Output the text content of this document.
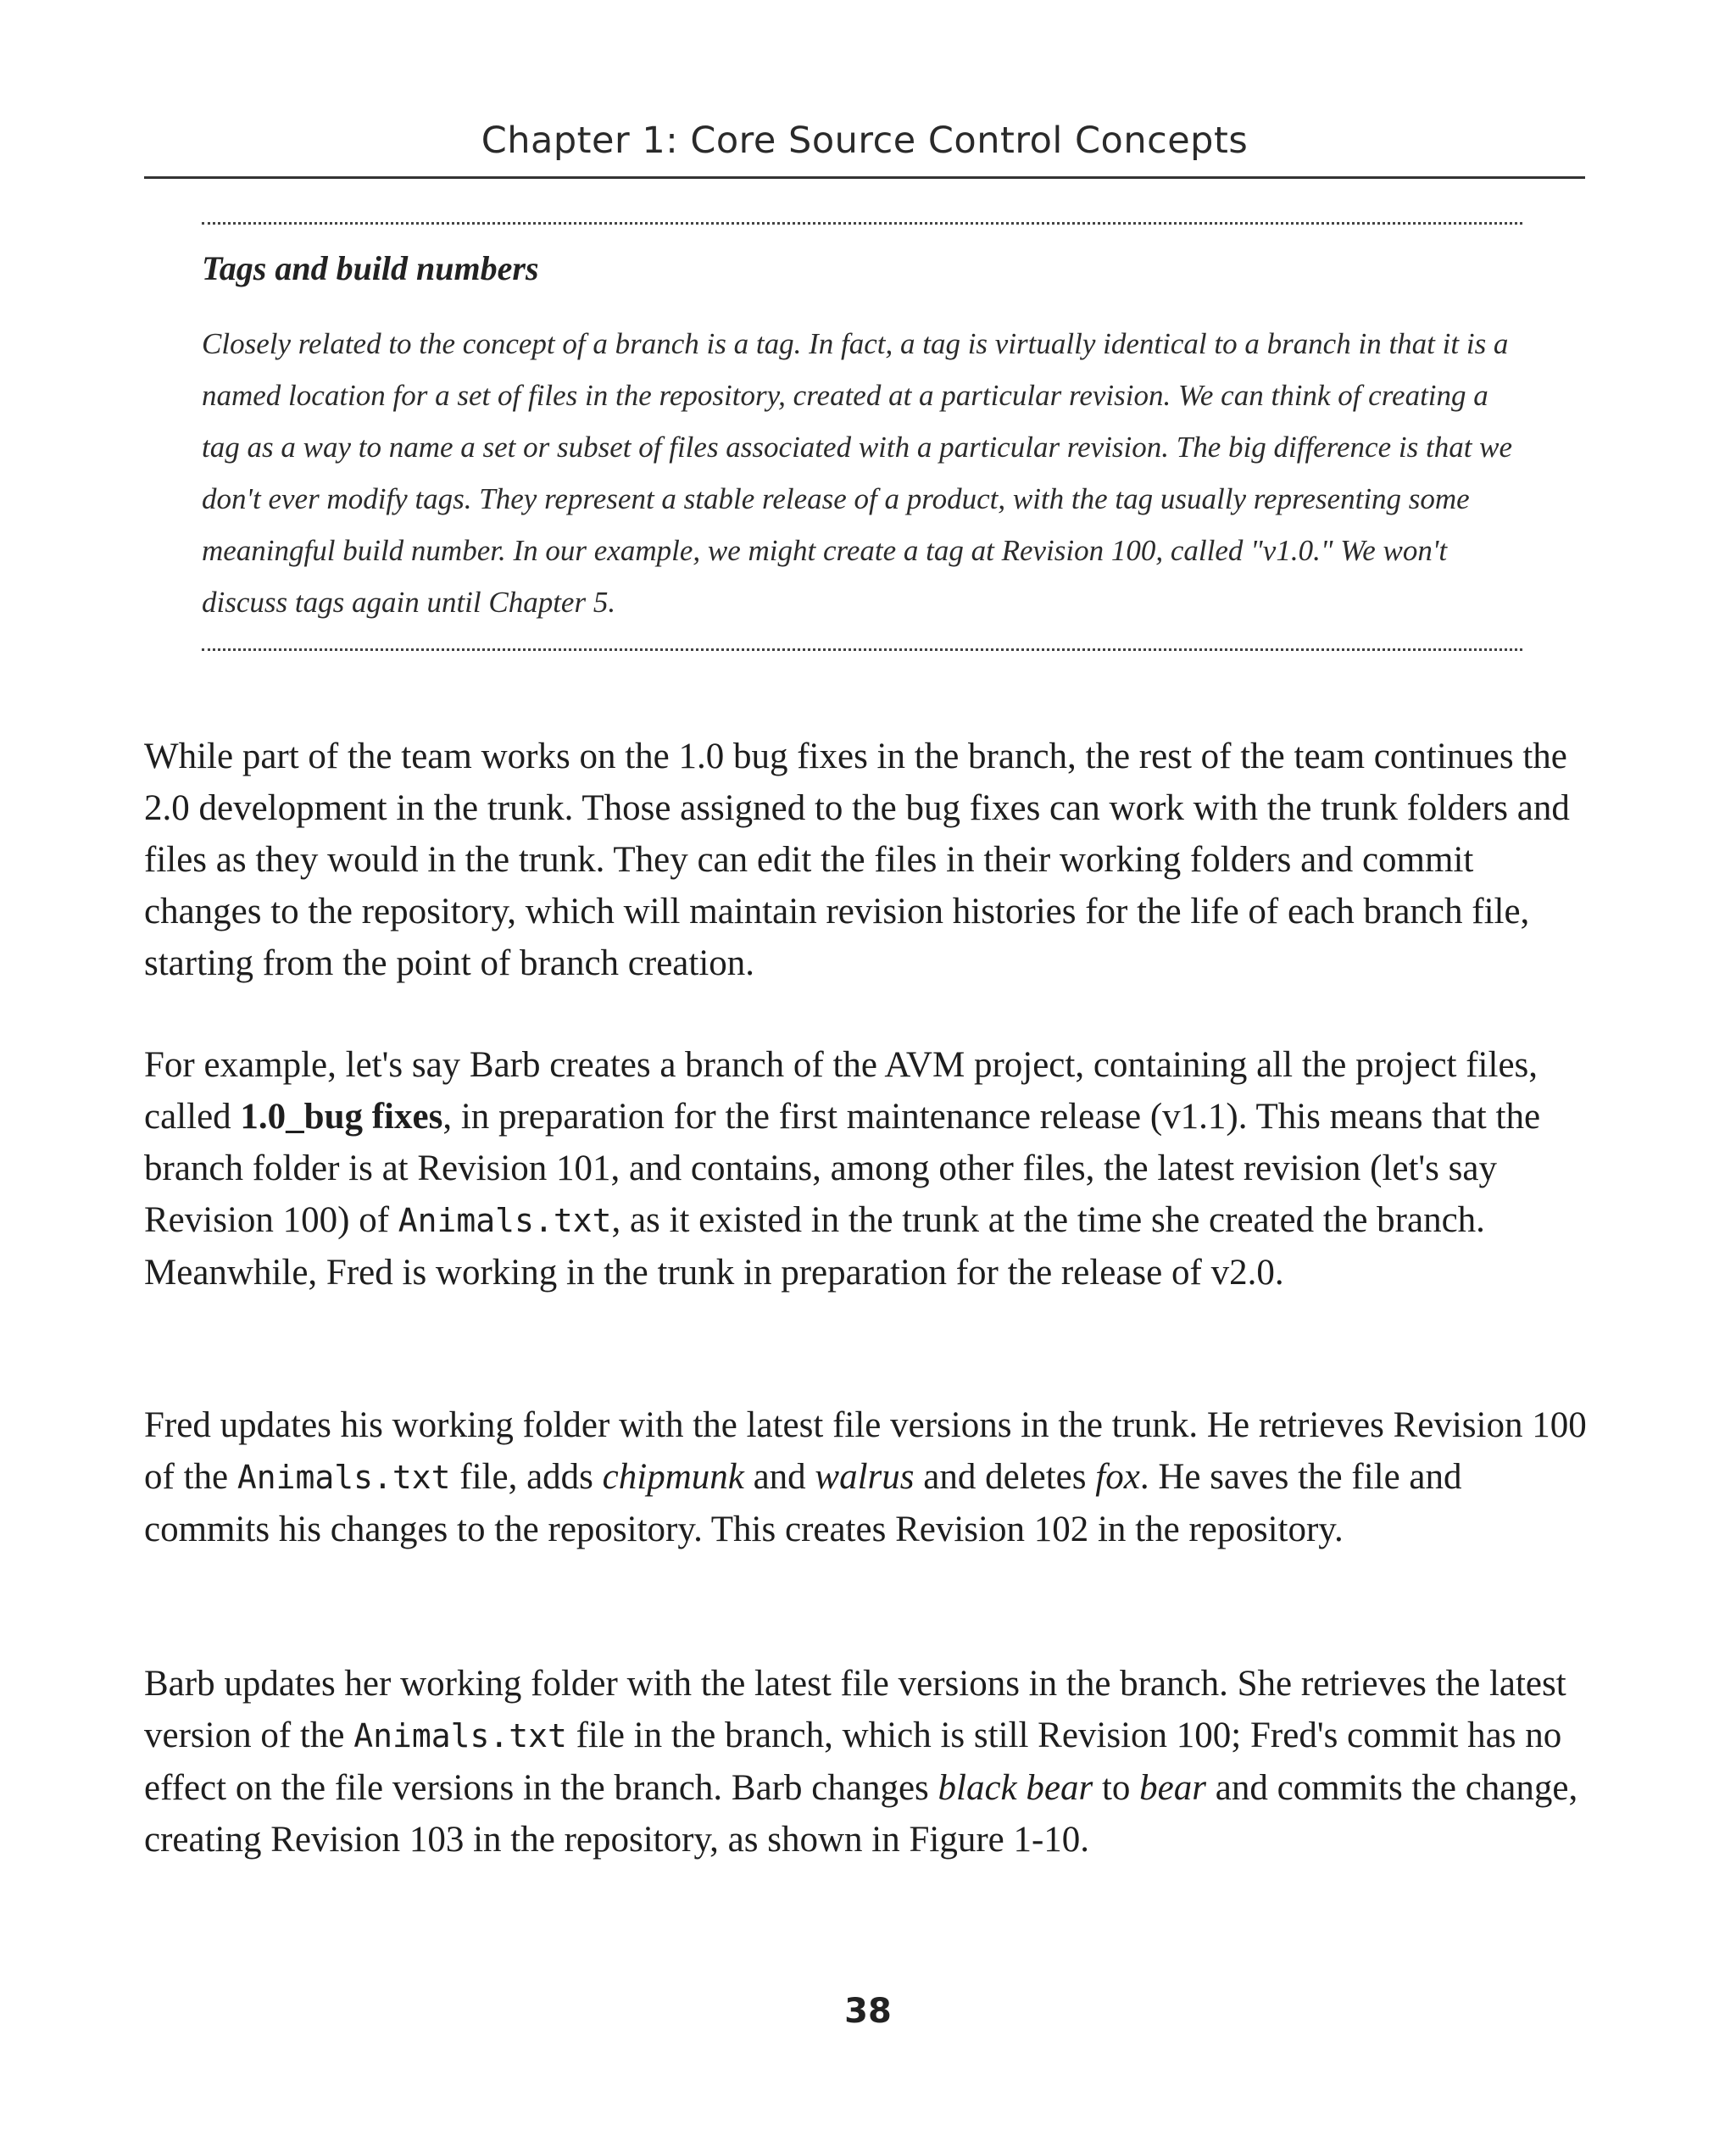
Chapter 1: Core Source Control Concepts

Tags and build numbers

Closely related to the concept of a branch is a tag. In fact, a tag is virtually identical to a branch in that it is a named location for a set of files in the repository, created at a particular revision. We can think of creating a tag as a way to name a set or subset of files associated with a particular revision. The big difference is that we don't ever modify tags. They represent a stable release of a product, with the tag usually representing some meaningful build number. In our example, we might create a tag at Revision 100, called "v1.0." We won't discuss tags again until Chapter 5.

While part of the team works on the 1.0 bug fixes in the branch, the rest of the team continues the 2.0 development in the trunk. Those assigned to the bug fixes can work with the trunk folders and files as they would in the trunk. They can edit the files in their working folders and commit changes to the repository, which will maintain revision histories for the life of each branch file, starting from the point of branch creation.

For example, let's say Barb creates a branch of the AVM project, containing all the project files, called 1.0_bug fixes, in preparation for the first maintenance release (v1.1). This means that the branch folder is at Revision 101, and contains, among other files, the latest revision (let's say Revision 100) of Animals.txt, as it existed in the trunk at the time she created the branch. Meanwhile, Fred is working in the trunk in preparation for the release of v2.0.

Fred updates his working folder with the latest file versions in the trunk. He retrieves Revision 100 of the Animals.txt file, adds chipmunk and walrus and deletes fox. He saves the file and commits his changes to the repository. This creates Revision 102 in the repository.

Barb updates her working folder with the latest file versions in the branch. She retrieves the latest version of the Animals.txt file in the branch, which is still Revision 100; Fred's commit has no effect on the file versions in the branch. Barb changes black bear to bear and commits the change, creating Revision 103 in the repository, as shown in Figure 1-10.

38
